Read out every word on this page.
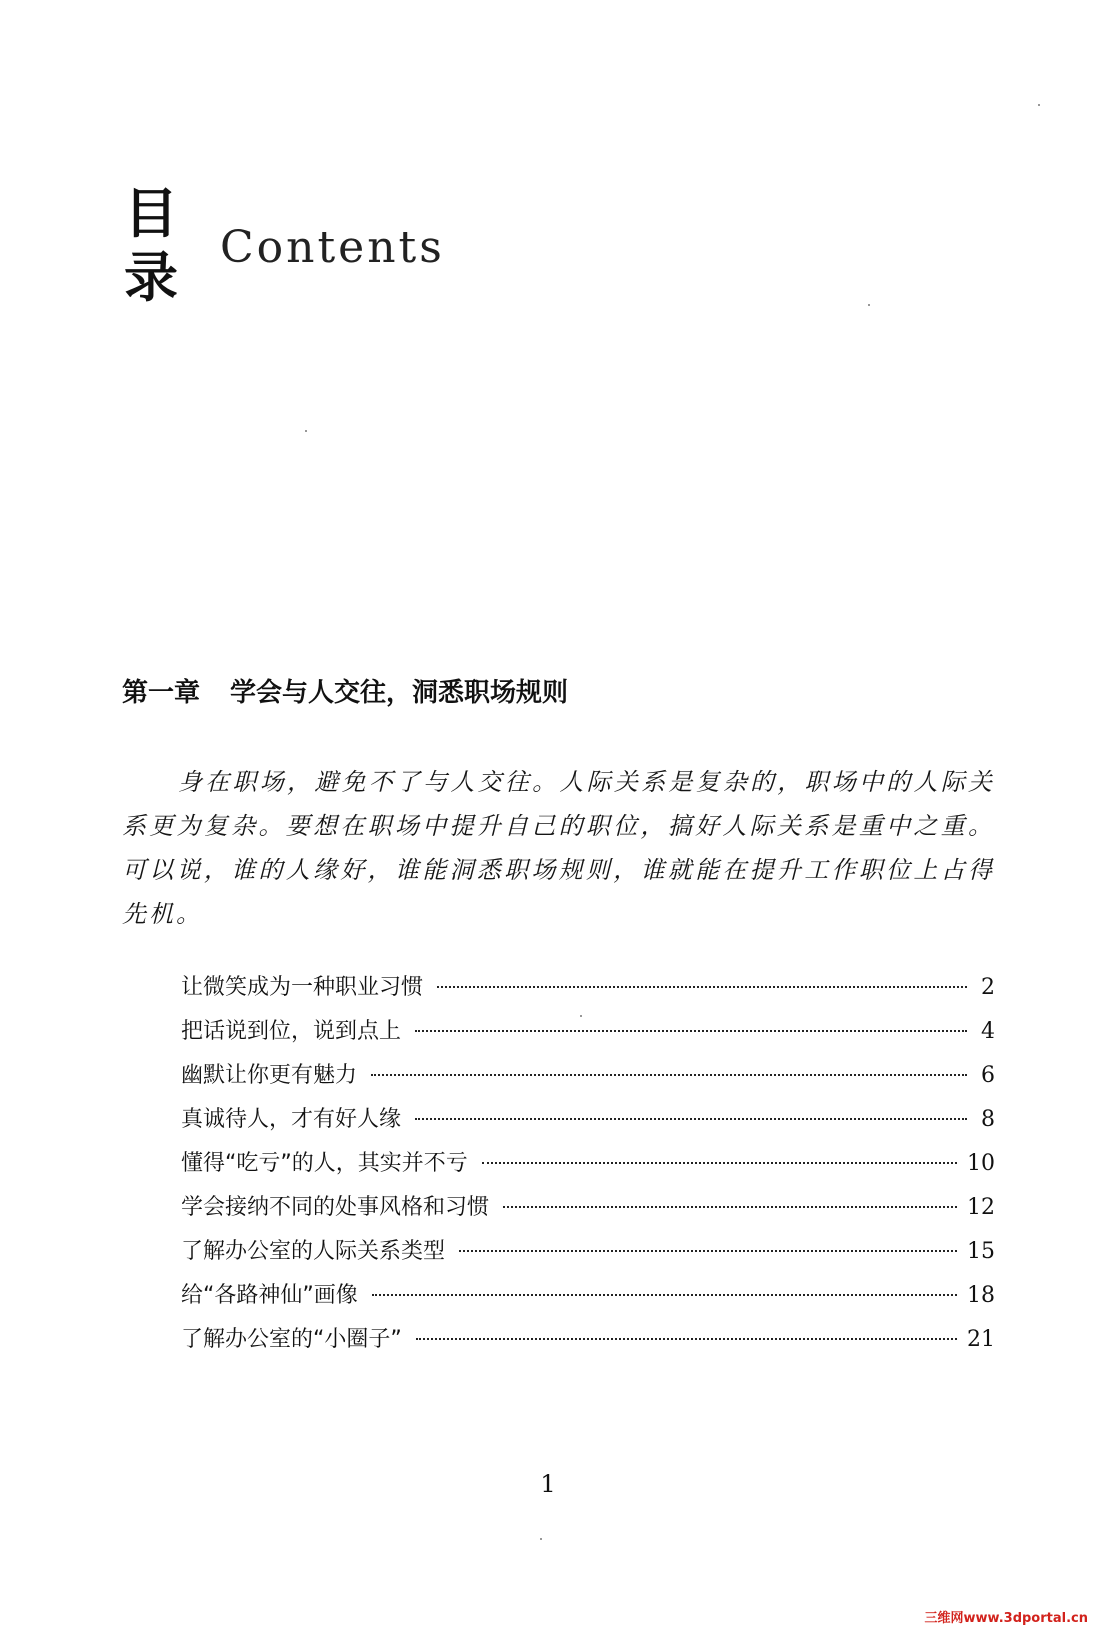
目
录 Contents
第一章 学会与人交往，洞悉职场规则

身在职场，避免不了与人交往。人际关系是复杂的，职场中的人际关系更为复杂。要想在职场中提升自己的职位，搞好人际关系是重中之重。可以说，谁的人缘好，谁能洞悉职场规则，谁就能在提升工作职位上占得先机。

让微笑成为一种职业习惯	2
把话说到位，说到点上	4
幽默让你更有魅力	6
真诚待人，才有好人缘	8
懂得“吃亏”的人，其实并不亏	10
学会接纳不同的处事风格和习惯	12
了解办公室的人际关系类型	15
给“各路神仙”画像	18
了解办公室的“小圈子”	21
1
三维网www.3dportal.cn
